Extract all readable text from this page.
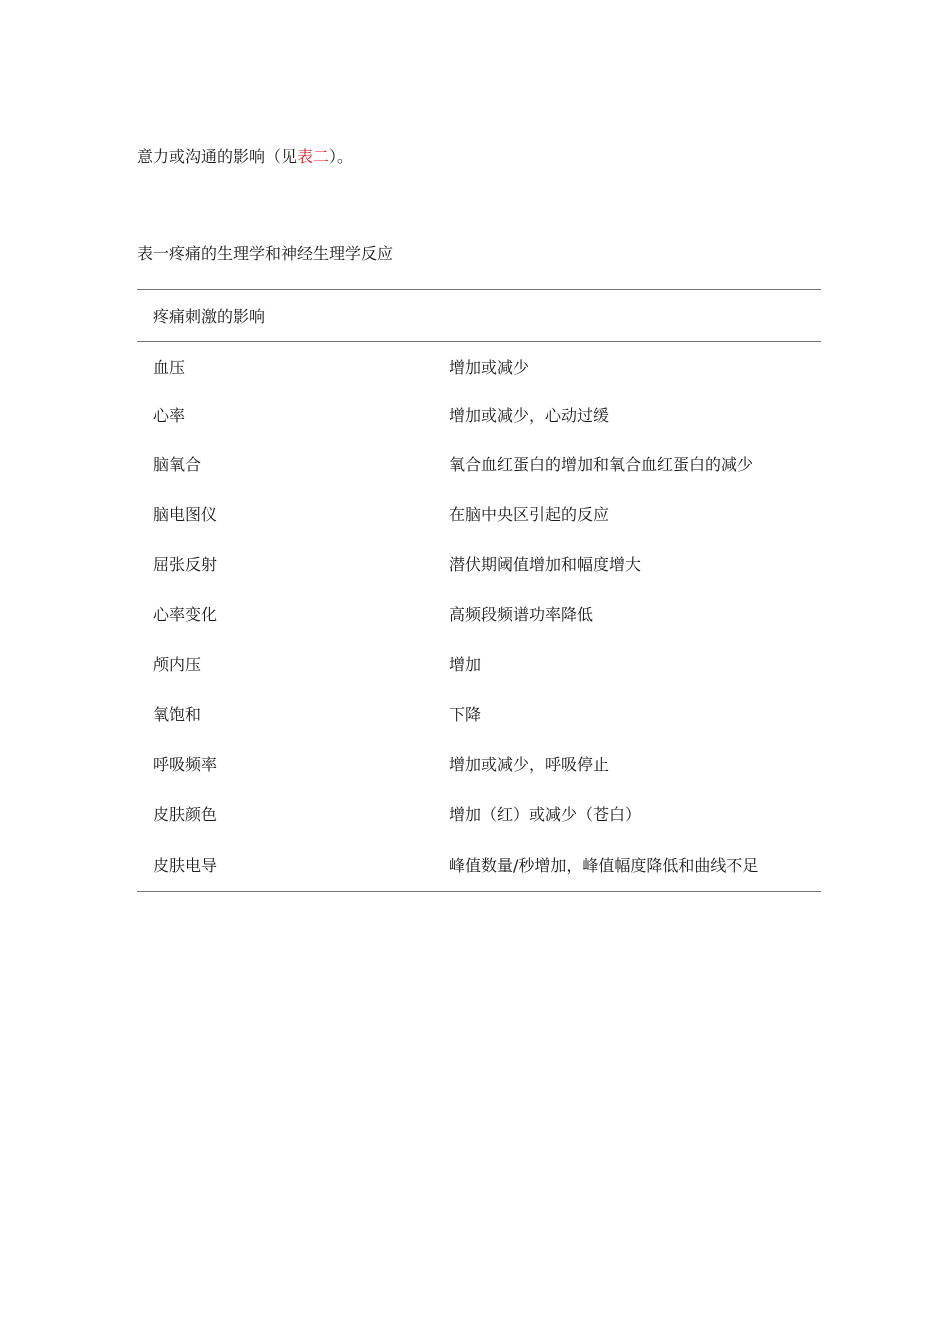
意力或沟通的影响（见表二）。
表一疼痛的生理学和神经生理学反应
疼痛刺激的影响
血压	增加或减少
心率	增加或减少，心动过缓
脑氧合	氧合血红蛋白的增加和氧合血红蛋白的减少
脑电图仪	在脑中央区引起的反应
屈张反射	潜伏期阈值增加和幅度增大
心率变化	高频段频谱功率降低
颅内压	增加
氧饱和	下降
呼吸频率	增加或减少，呼吸停止
皮肤颜色	增加（红）或减少（苍白）
皮肤电导	峰值数量/秒增加，峰值幅度降低和曲线不足
